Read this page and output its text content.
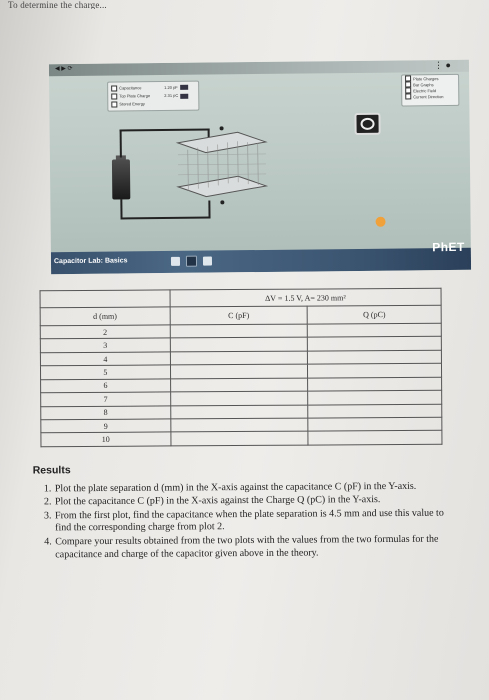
To determine the charge...
◀ ▶ ⟳	⋮ ●
Capacitance
Top Plate Charge
Stored Energy
1.20 pF
2.31 pC
Plate Charges
Bar Graphs
Electric Field
Current Direction
Capacitor Lab: Basics
PhET
	ΔV = 1.5 V, A= 230 mm²	
d (mm)	C (pF)	Q (pC)
2		
3		
4		
5		
6		
7		
8		
9		
10		
Results
1. Plot the plate separation d (mm) in the X-axis against the capacitance C (pF) in the Y-axis.
2. Plot the capacitance C (pF) in the X-axis against the Charge Q (pC) in the Y-axis.
3. From the first plot, find the capacitance when the plate separation is 4.5 mm and use this value to find the corresponding charge from plot 2.
4. Compare your results obtained from the two plots with the values from the two formulas for the capacitance and charge of the capacitor given above in the theory.
